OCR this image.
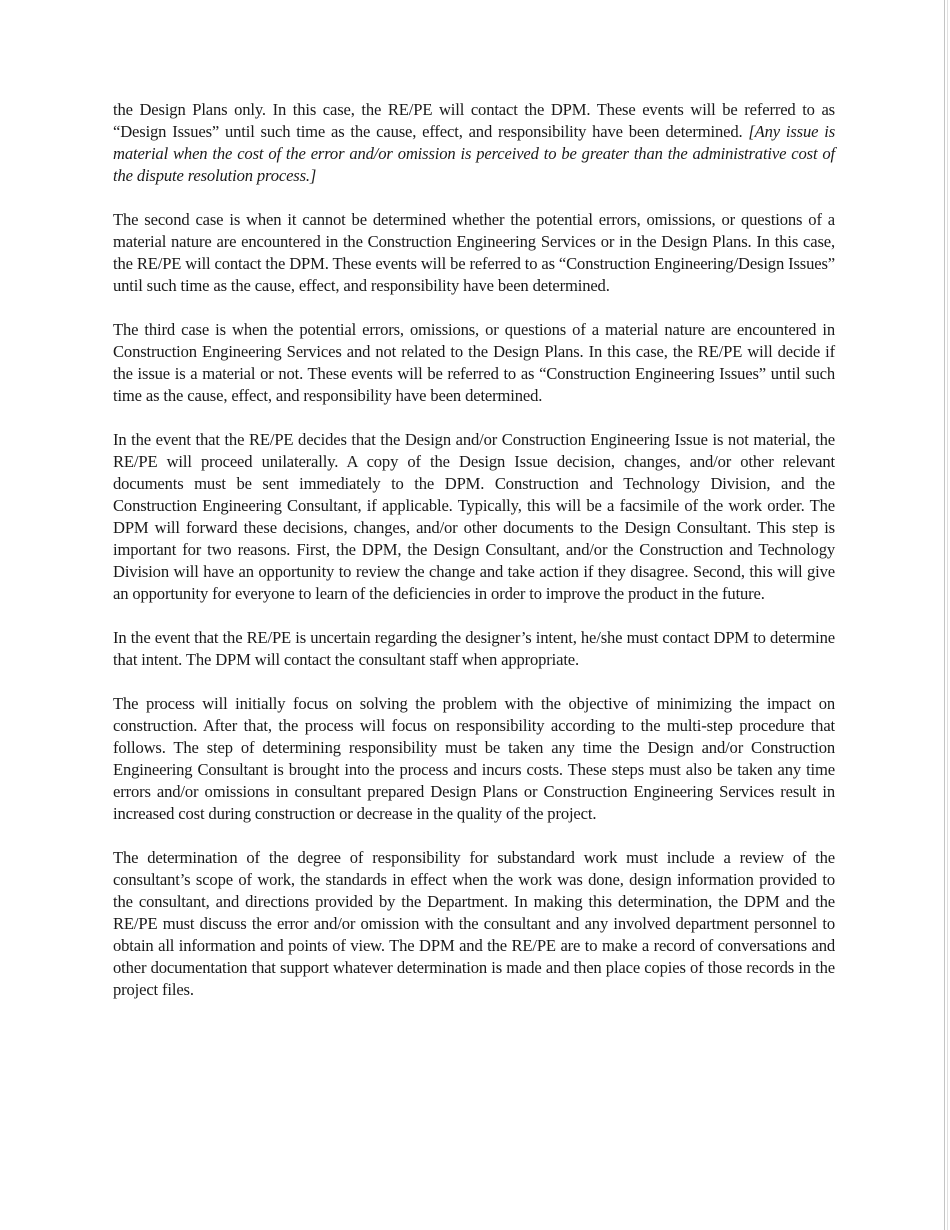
the Design Plans only. In this case, the RE/PE will contact the DPM. These events will be referred to as “Design Issues” until such time as the cause, effect, and responsibility have been determined. [Any issue is material when the cost of the error and/or omission is perceived to be greater than the administrative cost of the dispute resolution process.]

The second case is when it cannot be determined whether the potential errors, omissions, or questions of a material nature are encountered in the Construction Engineering Services or in the Design Plans. In this case, the RE/PE will contact the DPM. These events will be referred to as “Construction Engineering/Design Issues” until such time as the cause, effect, and responsibility have been determined.

The third case is when the potential errors, omissions, or questions of a material nature are encountered in Construction Engineering Services and not related to the Design Plans. In this case, the RE/PE will decide if the issue is a material or not. These events will be referred to as “Construction Engineering Issues” until such time as the cause, effect, and responsibility have been determined.

In the event that the RE/PE decides that the Design and/or Construction Engineering Issue is not material, the RE/PE will proceed unilaterally. A copy of the Design Issue decision, changes, and/or other relevant documents must be sent immediately to the DPM. Construction and Technology Division, and the Construction Engineering Consultant, if applicable. Typically, this will be a facsimile of the work order. The DPM will forward these decisions, changes, and/or other documents to the Design Consultant. This step is important for two reasons. First, the DPM, the Design Consultant, and/or the Construction and Technology Division will have an opportunity to review the change and take action if they disagree. Second, this will give an opportunity for everyone to learn of the deficiencies in order to improve the product in the future.

In the event that the RE/PE is uncertain regarding the designer’s intent, he/she must contact DPM to determine that intent. The DPM will contact the consultant staff when appropriate.

The process will initially focus on solving the problem with the objective of minimizing the impact on construction. After that, the process will focus on responsibility according to the multi-step procedure that follows. The step of determining responsibility must be taken any time the Design and/or Construction Engineering Consultant is brought into the process and incurs costs. These steps must also be taken any time errors and/or omissions in consultant prepared Design Plans or Construction Engineering Services result in increased cost during construction or decrease in the quality of the project.

The determination of the degree of responsibility for substandard work must include a review of the consultant’s scope of work, the standards in effect when the work was done, design information provided to the consultant, and directions provided by the Department. In making this determination, the DPM and the RE/PE must discuss the error and/or omission with the consultant and any involved department personnel to obtain all information and points of view. The DPM and the RE/PE are to make a record of conversations and other documentation that support whatever determination is made and then place copies of those records in the project files.
